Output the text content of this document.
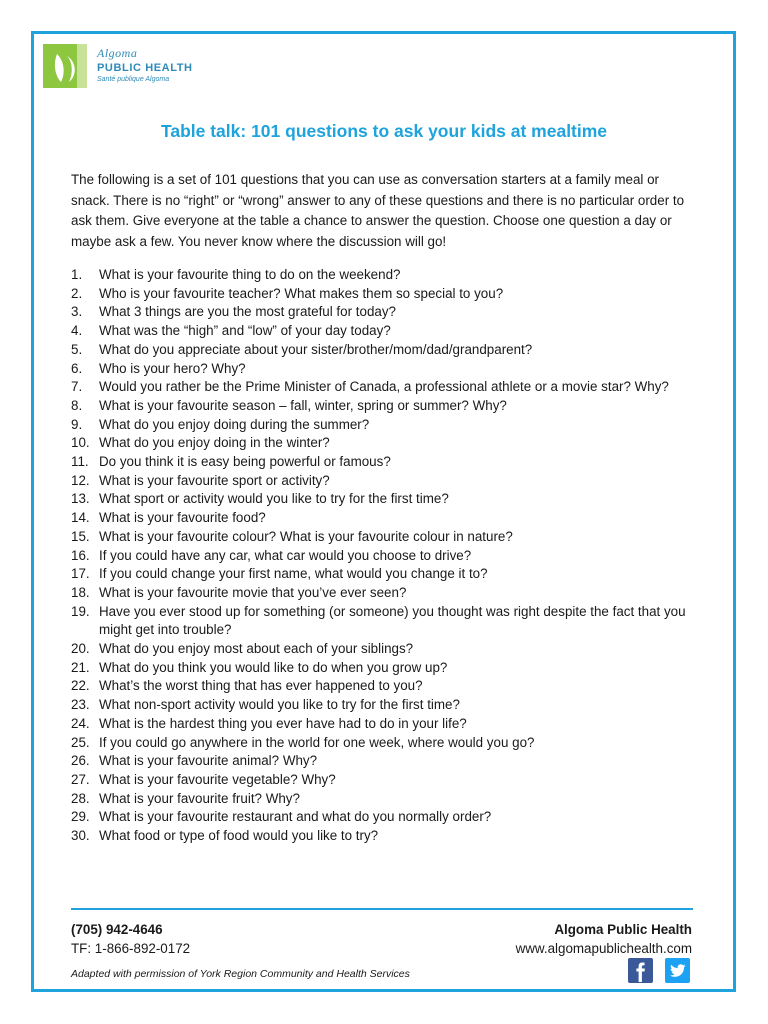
Algoma
PUBLIC HEALTH
Santé publique Algoma
Table talk: 101 questions to ask your kids at mealtime

The following is a set of 101 questions that you can use as conversation starters at a family meal or snack. There is no “right” or “wrong” answer to any of these questions and there is no particular order to ask them. Give everyone at the table a chance to answer the question. Choose one question a day or maybe ask a few. You never know where the discussion will go!

1. What is your favourite thing to do on the weekend?
2. Who is your favourite teacher? What makes them so special to you?
3. What 3 things are you the most grateful for today?
4. What was the “high” and “low” of your day today?
5. What do you appreciate about your sister/brother/mom/dad/grandparent?
6. Who is your hero? Why?
7. Would you rather be the Prime Minister of Canada, a professional athlete or a movie star? Why?
8. What is your favourite season – fall, winter, spring or summer? Why?
9. What do you enjoy doing during the summer?
10. What do you enjoy doing in the winter?
11. Do you think it is easy being powerful or famous?
12. What is your favourite sport or activity?
13. What sport or activity would you like to try for the first time?
14. What is your favourite food?
15. What is your favourite colour? What is your favourite colour in nature?
16. If you could have any car, what car would you choose to drive?
17. If you could change your first name, what would you change it to?
18. What is your favourite movie that you’ve ever seen?
19. Have you ever stood up for something (or someone) you thought was right despite the fact that you might get into trouble?
20. What do you enjoy most about each of your siblings?
21. What do you think you would like to do when you grow up?
22. What’s the worst thing that has ever happened to you?
23. What non-sport activity would you like to try for the first time?
24. What is the hardest thing you ever have had to do in your life?
25. If you could go anywhere in the world for one week, where would you go?
26. What is your favourite animal? Why?
27. What is your favourite vegetable? Why?
28. What is your favourite fruit? Why?
29. What is your favourite restaurant and what do you normally order?
30. What food or type of food would you like to try?
(705) 942-4646
TF: 1-866-892-0172
Algoma Public Health
www.algomapublichealth.com
Adapted with permission of York Region Community and Health Services
